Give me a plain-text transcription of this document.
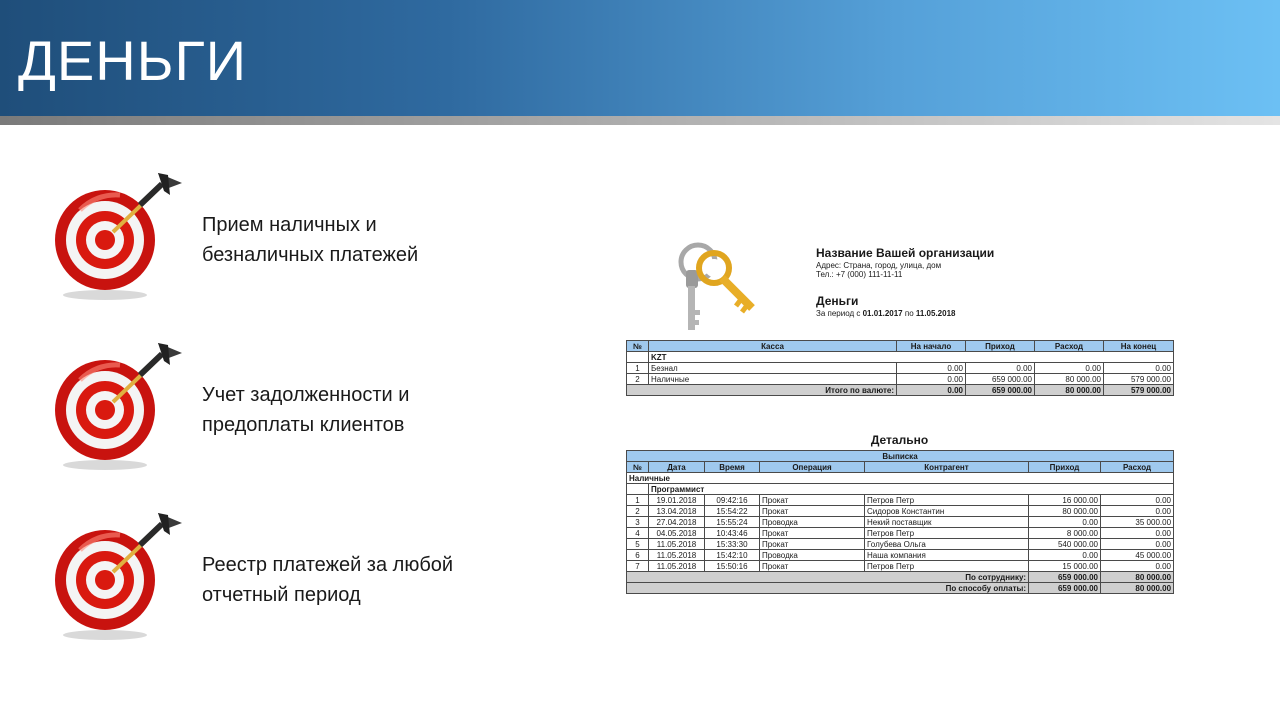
ДЕНЬГИ
Прием наличных и
безналичных платежей
Учет задолженности и
предоплаты клиентов
Реестр платежей за любой
отчетный период
Название Вашей организации
Адрес: Страна, город, улица, дом
Тел.: +7 (000) 111-11-11
Деньги
За период с 01.01.2017 по 11.05.2018
№	Касса	На начало	Приход	Расход	На конец
	KZT				
1	Безнал	0.00	0.00	0.00	0.00
2	Наличные	0.00	659 000.00	80 000.00	579 000.00
Итого по валюте:		0.00	659 000.00	80 000.00	579 000.00
Детально
Выписка						
№	Дата	Время	Операция	Контрагент	Приход	Расход
Наличные						
	Программист					
1	19.01.2018	09:42:16	Прокат	Петров Петр	16 000.00	0.00
2	13.04.2018	15:54:22	Прокат	Сидоров Константин	80 000.00	0.00
3	27.04.2018	15:55:24	Проводка	Некий поставщик	0.00	35 000.00
4	04.05.2018	10:43:46	Прокат	Петров Петр	8 000.00	0.00
5	11.05.2018	15:33:30	Прокат	Голубева Ольга	540 000.00	0.00
6	11.05.2018	15:42:10	Проводка	Наша компания	0.00	45 000.00
7	11.05.2018	15:50:16	Прокат	Петров Петр	15 000.00	0.00
По сотруднику:					659 000.00	80 000.00
По способу оплаты:					659 000.00	80 000.00
